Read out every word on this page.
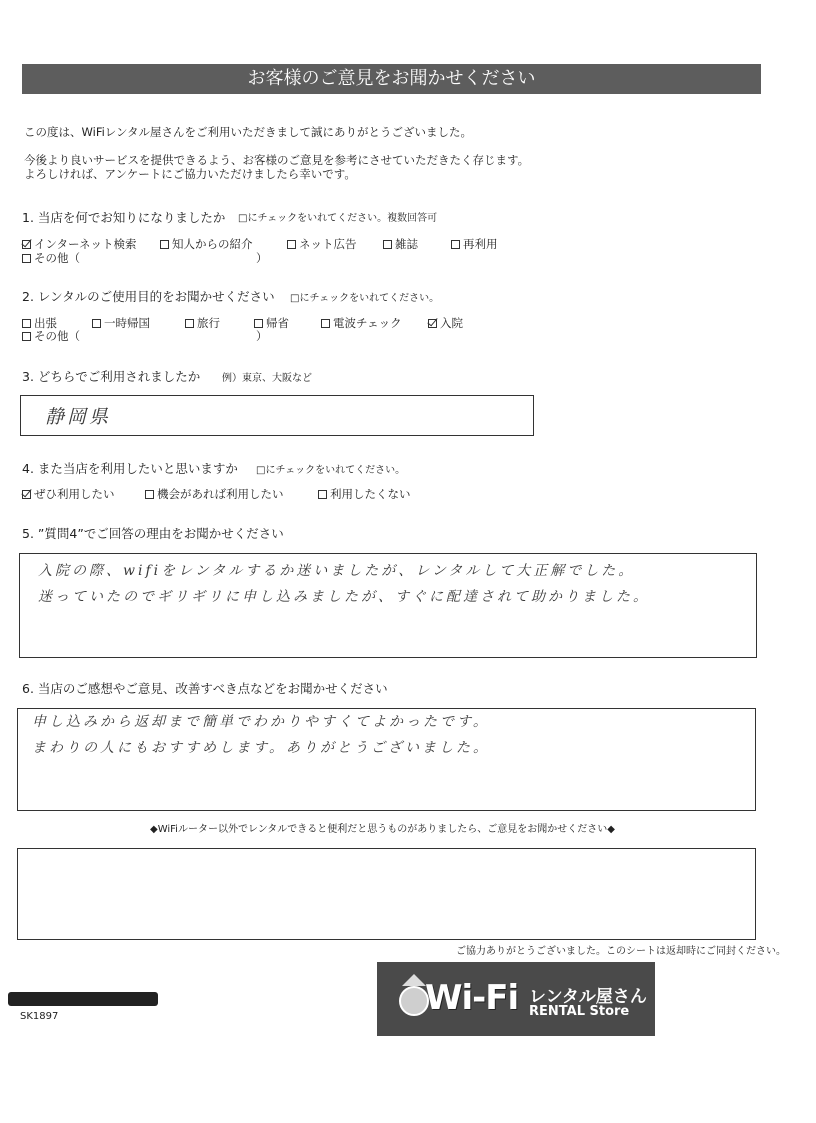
お客様のご意見をお聞かせください
この度は、WiFiレンタル屋さんをご利用いただきまして誠にありがとうございました。
今後より良いサービスを提供できるよう、お客様のご意見を参考にさせていただきたく存じます。
よろしければ、アンケートにご協力いただけましたら幸いです。
1. 当店を何でお知りになりましたか □にチェックをいれてください。複数回答可
インターネット検索	知人からの紹介	ネット広告	雑誌	再利用
その他（	）
2. レンタルのご使用目的をお聞かせください □にチェックをいれてください。
出張	一時帰国	旅行	帰省	電波チェック	入院
その他（	）
3. どちらでご利用されましたか 例）東京、大阪など
静岡県
4. また当店を利用したいと思いますか □にチェックをいれてください。
ぜひ利用したい	機会があれば利用したい	利用したくない
5. ”質問4”でご回答の理由をお聞かせください
入院の際、wifiをレンタルするか迷いましたが、レンタルして大正解でした。
迷っていたのでギリギリに申し込みましたが、すぐに配達されて助かりました。
6. 当店のご感想やご意見、改善すべき点などをお聞かせください
申し込みから返却まで簡単でわかりやすくてよかったです。
まわりの人にもおすすめします。ありがとうございました。
◆WiFiルーター以外でレンタルできると便利だと思うものがありましたら、ご意見をお聞かせください◆
ご協力ありがとうございました。このシートは返却時にご同封ください。
SK1897	Wi-Fi レンタル屋さん
RENTAL Store
